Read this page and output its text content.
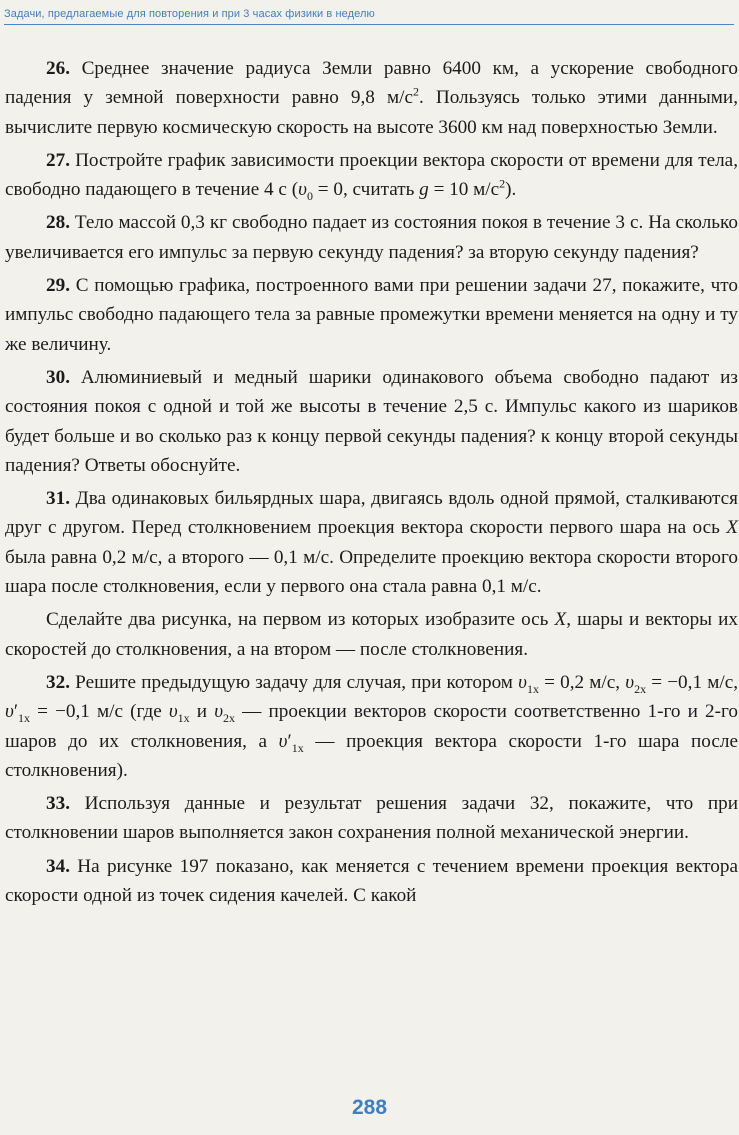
Задачи, предлагаемые для повторения и при 3 часах физики в неделю

26. Среднее значение радиуса Земли равно 6400 км, а ускорение свободного падения у земной поверхности равно 9,8 $м/с^2$. Пользуясь только этими данными, вычислите первую космическую скорость на высоте 3600 км над поверхностью Земли.

27. Постройте график зависимости проекции вектора скорости от времени для тела, свободно падающего в течение 4 с ($\upsilon_0 = 0$, считать g = 10 $м/с^2$).

28. Тело массой 0,3 кг свободно падает из состояния покоя в течение 3 с. На сколько увеличивается его импульс за первую секунду падения? за вторую секунду падения?

29. С помощью графика, построенного вами при решении задачи 27, покажите, что импульс свободно падающего тела за равные промежутки времени меняется на одну и ту же величину.

30. Алюминиевый и медный шарики одинакового объема свободно падают из состояния покоя с одной и той же высоты в течение 2,5 с. Импульс какого из шариков будет больше и во сколько раз к концу первой секунды падения? к концу второй секунды падения? Ответы обоснуйте.

31. Два одинаковых бильярдных шара, двигаясь вдоль одной прямой, сталкиваются друг с другом. Перед столкновением проекция вектора скорости первого шара на ось X была равна 0,2 м/с, а второго — 0,1 м/с. Определите проекцию вектора скорости второго шара после столкновения, если у первого она стала равна 0,1 м/с.

Сделайте два рисунка, на первом из которых изобразите ось X, шары и векторы их скоростей до столкновения, а на втором — после столкновения.

32. Решите предыдущую задачу для случая, при котором $\upsilon_{1x} = 0,2$ м/с, $\upsilon_{2x} = -0,1$ м/с, $\upsilon'_{1x} = -0,1$ м/с (где $\upsilon_{1x}$ и $\upsilon_{2x}$ — проекции векторов скорости соответственно 1-го и 2-го шаров до их столкновения, а $\upsilon'_{1x}$ — проекция вектора скорости 1-го шара после столкновения).

33. Используя данные и результат решения задачи 32, покажите, что при столкновении шаров выполняется закон сохранения полной механической энергии.

34. На рисунке 197 показано, как меняется с течением времени проекция вектора скорости одной из точек сидения качелей. С какой

288
